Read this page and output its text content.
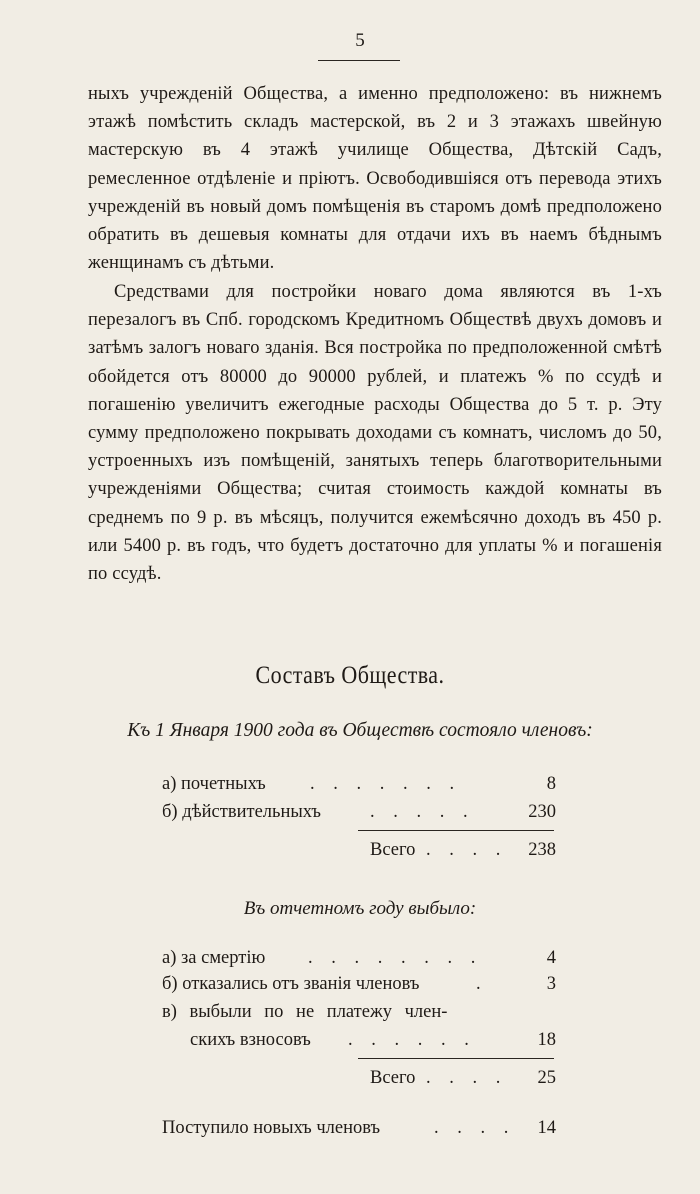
5

ныхъ учрежденій Общества, а именно предположено: въ нижнемъ этажѣ помѣстить складъ мастерской, въ 2 и 3 этажахъ швейную мастерскую въ 4 этажѣ училище Общества, Дѣтскій Садъ, ремесленное отдѣленіе и пріютъ. Освободившіяся отъ перевода этихъ учрежденій въ новый домъ помѣщенія въ старомъ домѣ предположено обратить въ дешевыя комнаты для отдачи ихъ въ наемъ бѣднымъ женщинамъ съ дѣтьми.

Средствами для постройки новаго дома являются въ 1-хъ перезалогъ въ Спб. городскомъ Кредитномъ Обществѣ двухъ домовъ и затѣмъ залогъ новаго зданія. Вся постройка по предположенной смѣтѣ обойдется отъ 80000 до 90000 рублей, и платежъ % по ссудѣ и погашенію увеличитъ ежегодные расходы Общества до 5 т. р. Эту сумму предположено покрывать доходами съ комнатъ, числомъ до 50, устроенныхъ изъ помѣщеній, занятыхъ теперь благотворительными учрежденіями Общества; считая стоимость каждой комнаты въ среднемъ по 9 р. въ мѣсяцъ, получится ежемѣсячно доходъ въ 450 р. или 5400 р. въ годъ, что будетъ достаточно для уплаты % и погашенія по ссудѣ.

Составъ Общества.
Къ 1 Января 1900 года въ Обществѣ состояло членовъ:
а) почетныхъ . . . . . . .	8
б) дѣйствительныхъ	. . . . .	230
Всего . . . . 238
Въ отчетномъ году выбыло:
а) за смертію . . . . . . . .	4
б) отказались отъ званія членовъ	.	3
в) выбыли по не платежу член-
скихъ взносовъ . . . . . .	18
Всего . . . . 25
Поступило новыхъ членовъ	. . . . 14
